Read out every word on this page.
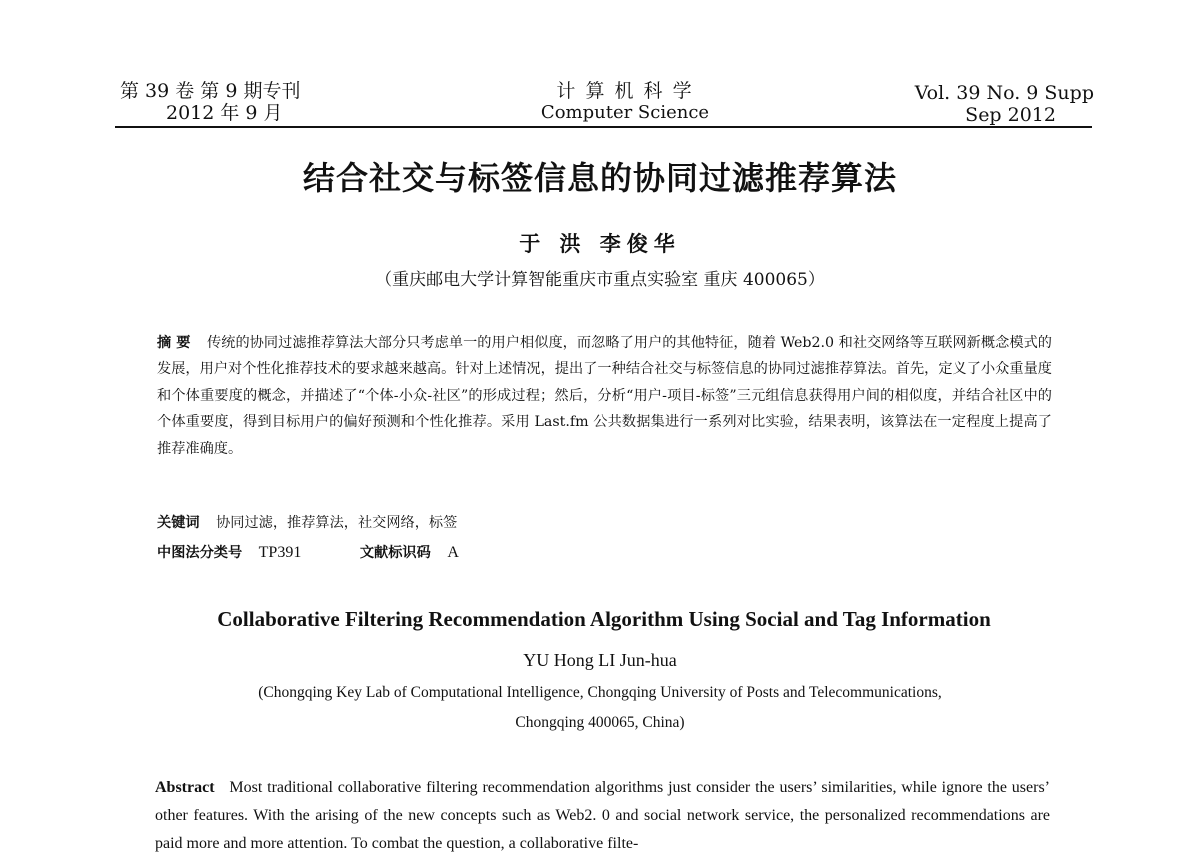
第 39 卷 第 9 期专刊
2012 年 9 月
计 算 机 科 学
Computer Science
Vol. 39 No. 9 Supp
Sep 2012
结合社交与标签信息的协同过滤推荐算法
于 洪 李俊华
（重庆邮电大学计算智能重庆市重点实验室 重庆 400065）
摘 要 传统的协同过滤推荐算法大部分只考虑单一的用户相似度，而忽略了用户的其他特征，随着 Web2.0 和社交网络等互联网新概念模式的发展，用户对个性化推荐技术的要求越来越高。针对上述情况，提出了一种结合社交与标签信息的协同过滤推荐算法。首先，定义了小众重量度和个体重要度的概念，并描述了“个体-小众-社区”的形成过程；然后，分析“用户-项目-标签”三元组信息获得用户间的相似度，并结合社区中的个体重要度，得到目标用户的偏好预测和个性化推荐。采用 Last.fm 公共数据集进行一系列对比实验，结果表明，该算法在一定程度上提高了推荐准确度。
关键词 协同过滤，推荐算法，社交网络，标签
中图法分类号 TP391	文献标识码 A
Collaborative Filtering Recommendation Algorithm Using Social and Tag Information
YU Hong LI Jun-hua
(Chongqing Key Lab of Computational Intelligence, Chongqing University of Posts and Telecommunications,
Chongqing 400065, China)
Abstract Most traditional collaborative filtering recommendation algorithms just consider the users’ similarities, while ignore the users’ other features. With the arising of the new concepts such as Web2. 0 and social network service, the personalized recommendations are paid more and more attention. To combat the question, a collaborative filte-
